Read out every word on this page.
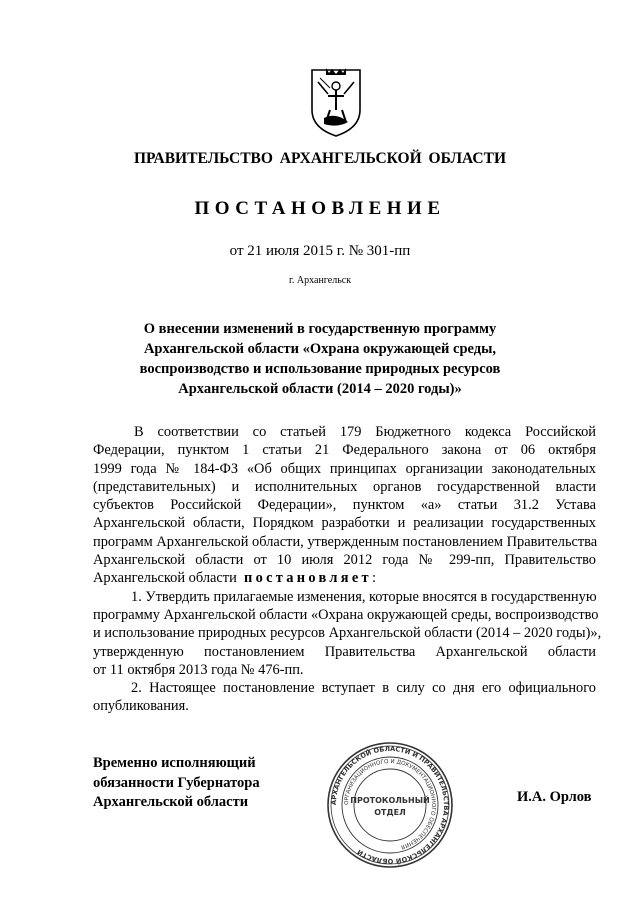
ПРАВИТЕЛЬСТВО АРХАНГЕЛЬСКОЙ ОБЛАСТИ
ПОСТАНОВЛЕНИЕ
от 21 июля 2015 г. № 301-пп
г. Архангельск
О внесении изменений в государственную программу
Архангельской области «Охрана окружающей среды,
воспроизводство и использование природных ресурсов
Архангельской области (2014 – 2020 годы)»
В соответствии со статьей 179 Бюджетного кодекса Российской
Федерации, пунктом 1 статьи 21 Федерального закона от 06 октября
1999 года № 184-ФЗ «Об общих принципах организации законодательных
(представительных) и исполнительных органов государственной власти
субъектов Российской Федерации», пунктом «а» статьи 31.2 Устава
Архангельской области, Порядком разработки и реализации государственных
программ Архангельской области, утвержденным постановлением Правительства
Архангельской области от 10 июля 2012 года № 299-пп, Правительство
Архангельской области постановляет:
1. Утвердить прилагаемые изменения, которые вносятся в государственную
программу Архангельской области «Охрана окружающей среды, воспроизводство
и использование природных ресурсов Архангельской области (2014 – 2020 годы)»,
утвержденную постановлением Правительства Архангельской области
от 11 октября 2013 года № 476-пп.
2. Настоящее постановление вступает в силу со дня его официального
опубликования.
Временно исполняющий
обязанности Губернатора
Архангельской области	И.А. Орлов
АРХАНГЕЛЬСКОЙ ОБЛАСТИ И ПРАВИТЕЛЬСТВА АРХАНГЕЛЬСКОЙ ОБЛАСТИ
ОРГАНИЗАЦИОННОГО И ДОКУМЕНТАЦИОННОГО ОБЕСПЕЧЕНИЯ
ПРОТОКОЛЬНЫЙ
ОТДЕЛ
